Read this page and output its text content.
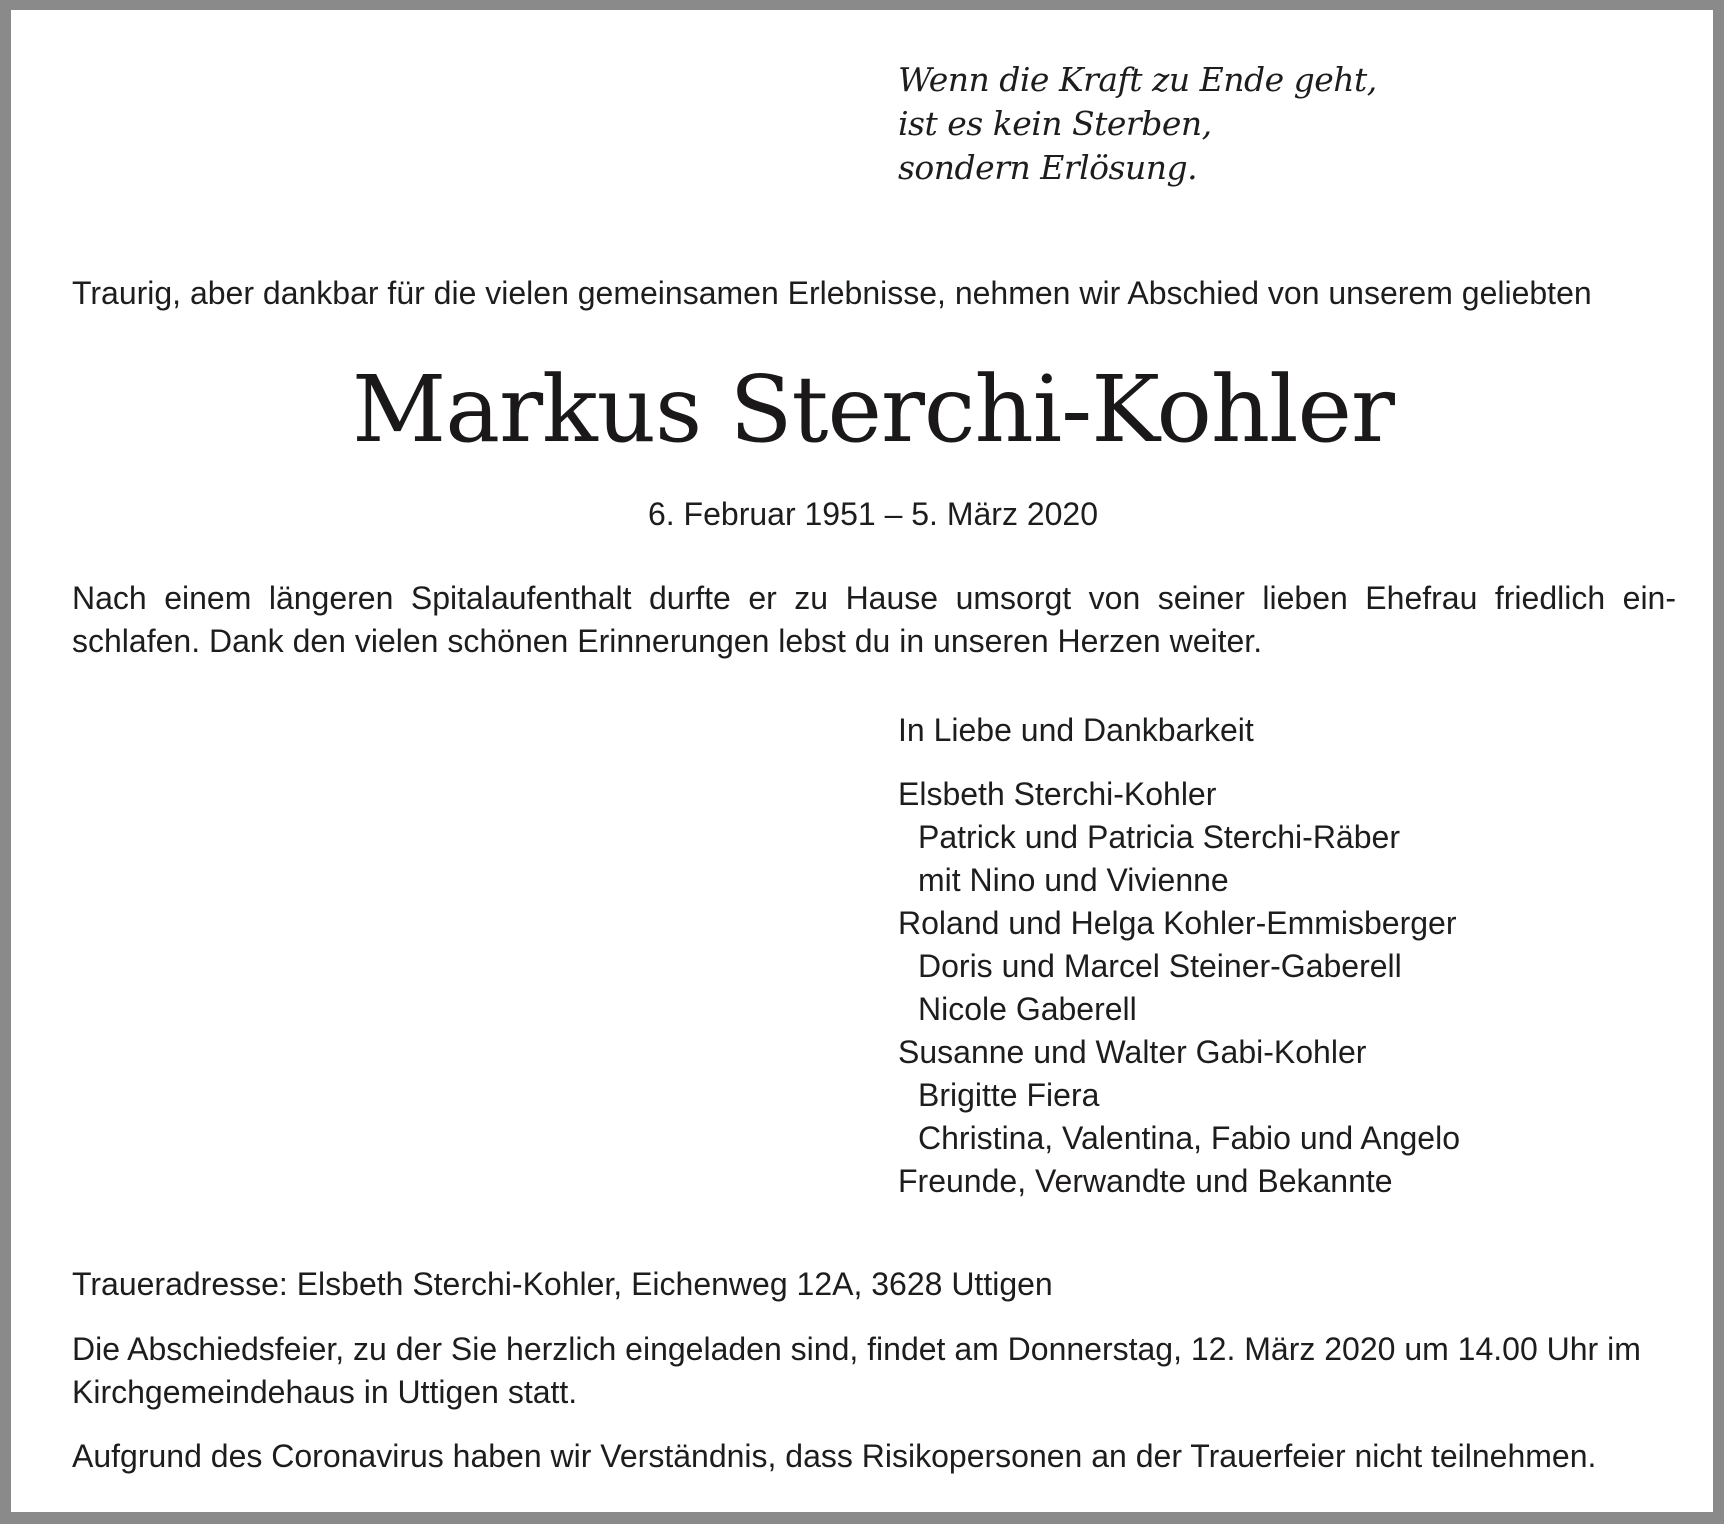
Wenn die Kraft zu Ende geht,
ist es kein Sterben,
sondern Erlösung.
Traurig, aber dankbar für die vielen gemeinsamen Erlebnisse, nehmen wir Abschied von unserem geliebten
Markus Sterchi-Kohler
6. Februar 1951 – 5. März 2020
Nach einem längeren Spitalaufenthalt durfte er zu Hause umsorgt von seiner lieben Ehefrau friedlich ein-
schlafen. Dank den vielen schönen Erinnerungen lebst du in unseren Herzen weiter.
In Liebe und Dankbarkeit
Elsbeth Sterchi-Kohler
Patrick und Patricia Sterchi-Räber
mit Nino und Vivienne
Roland und Helga Kohler-Emmisberger
Doris und Marcel Steiner-Gaberell
Nicole Gaberell
Susanne und Walter Gabi-Kohler
Brigitte Fiera
Christina, Valentina, Fabio und Angelo
Freunde, Verwandte und Bekannte
Traueradresse: Elsbeth Sterchi-Kohler, Eichenweg 12A, 3628 Uttigen
Die Abschiedsfeier, zu der Sie herzlich eingeladen sind, findet am Donnerstag, 12. März 2020 um 14.00 Uhr im
Kirchgemeindehaus in Uttigen statt.
Aufgrund des Coronavirus haben wir Verständnis, dass Risikopersonen an der Trauerfeier nicht teilnehmen.
